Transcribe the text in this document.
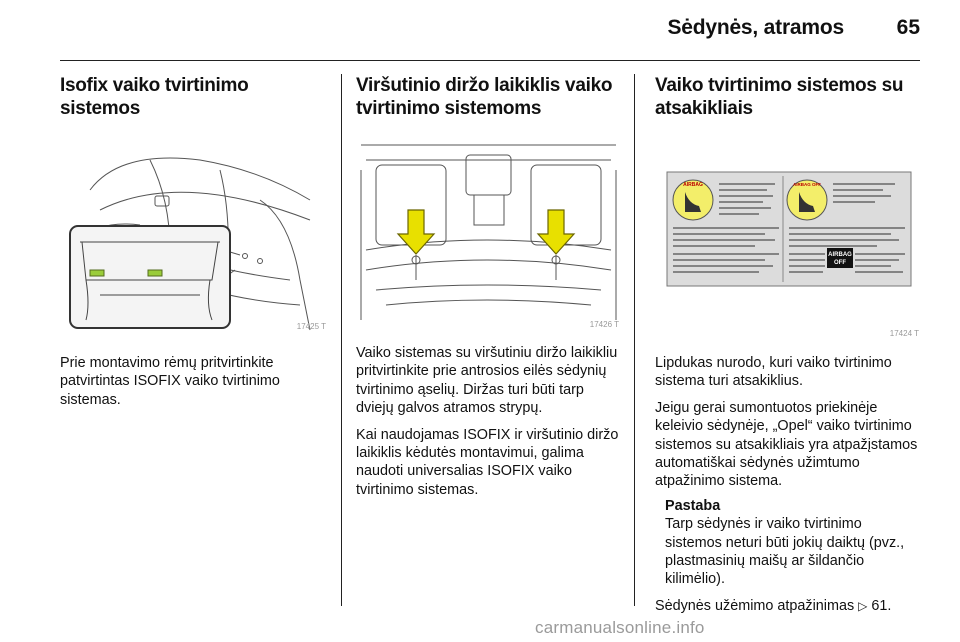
Sėdynės, atramos	65
Isofix vaiko tvirtinimo sistemos
17425 T

Prie montavimo rėmų pritvirtinkite patvirtintas ISOFIX vaiko tvirtinimo sistemas.

Viršutinio diržo laikiklis vaiko tvirtinimo sistemoms
17426 T

Vaiko sistemas su viršutiniu diržo laikikliu pritvirtinkite prie antrosios eilės sėdynių tvirtinimo ąselių. Diržas turi būti tarp dviejų galvos atramos strypų.

Kai naudojamas ISOFIX ir viršutinio diržo laikiklis kėdutės montavimui, galima naudoti universalias ISOFIX vaiko tvirtinimo sistemas.

Vaiko tvirtinimo sistemos su atsakikliais
AIRBAG	AIRBAG OFF
AIRBAG
OFF
17424 T

Lipdukas nurodo, kuri vaiko tvirtinimo sistema turi atsakiklius.

Jeigu gerai sumontuotos priekinėje keleivio sėdynėje, „Opel“ vaiko tvirtinimo sistemos su atsakikliais yra atpažįstamos automatiškai sėdynės užimtumo atpažinimo sistema.

Pastaba

Tarp sėdynės ir vaiko tvirtinimo sistemos neturi būti jokių daiktų (pvz., plastmasinių maišų ar šildančio kilimėlio).

Sėdynės užėmimo atpažinimas ▷ 61.

carmanualsonline.info
